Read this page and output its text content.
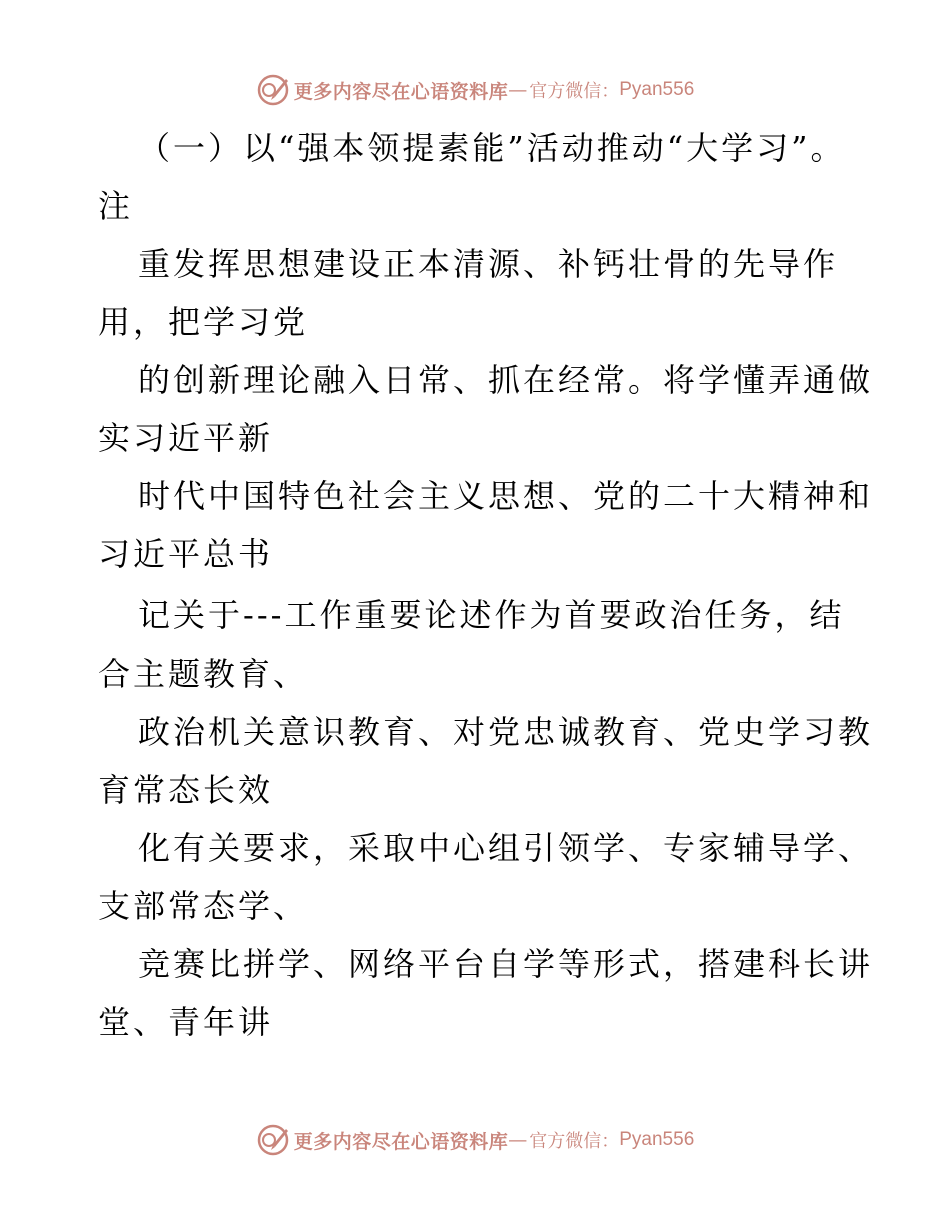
更多内容尽在心语资料库 — 官方微信： Pyan556
（一）以“强本领提素能”活动推动“大学习”。
注
重发挥思想建设正本清源、补钙壮骨的先导作
用，把学习党
的创新理论融入日常、抓在经常。将学懂弄通做
实习近平新
时代中国特色社会主义思想、党的二十大精神和
习近平总书
记关于---工作重要论述作为首要政治任务，结
合主题教育、
政治机关意识教育、对党忠诚教育、党史学习教
育常态长效
化有关要求，采取中心组引领学、专家辅导学、
支部常态学、
竞赛比拼学、网络平台自学等形式，搭建科长讲
堂、青年讲
更多内容尽在心语资料库 — 官方微信： Pyan556
